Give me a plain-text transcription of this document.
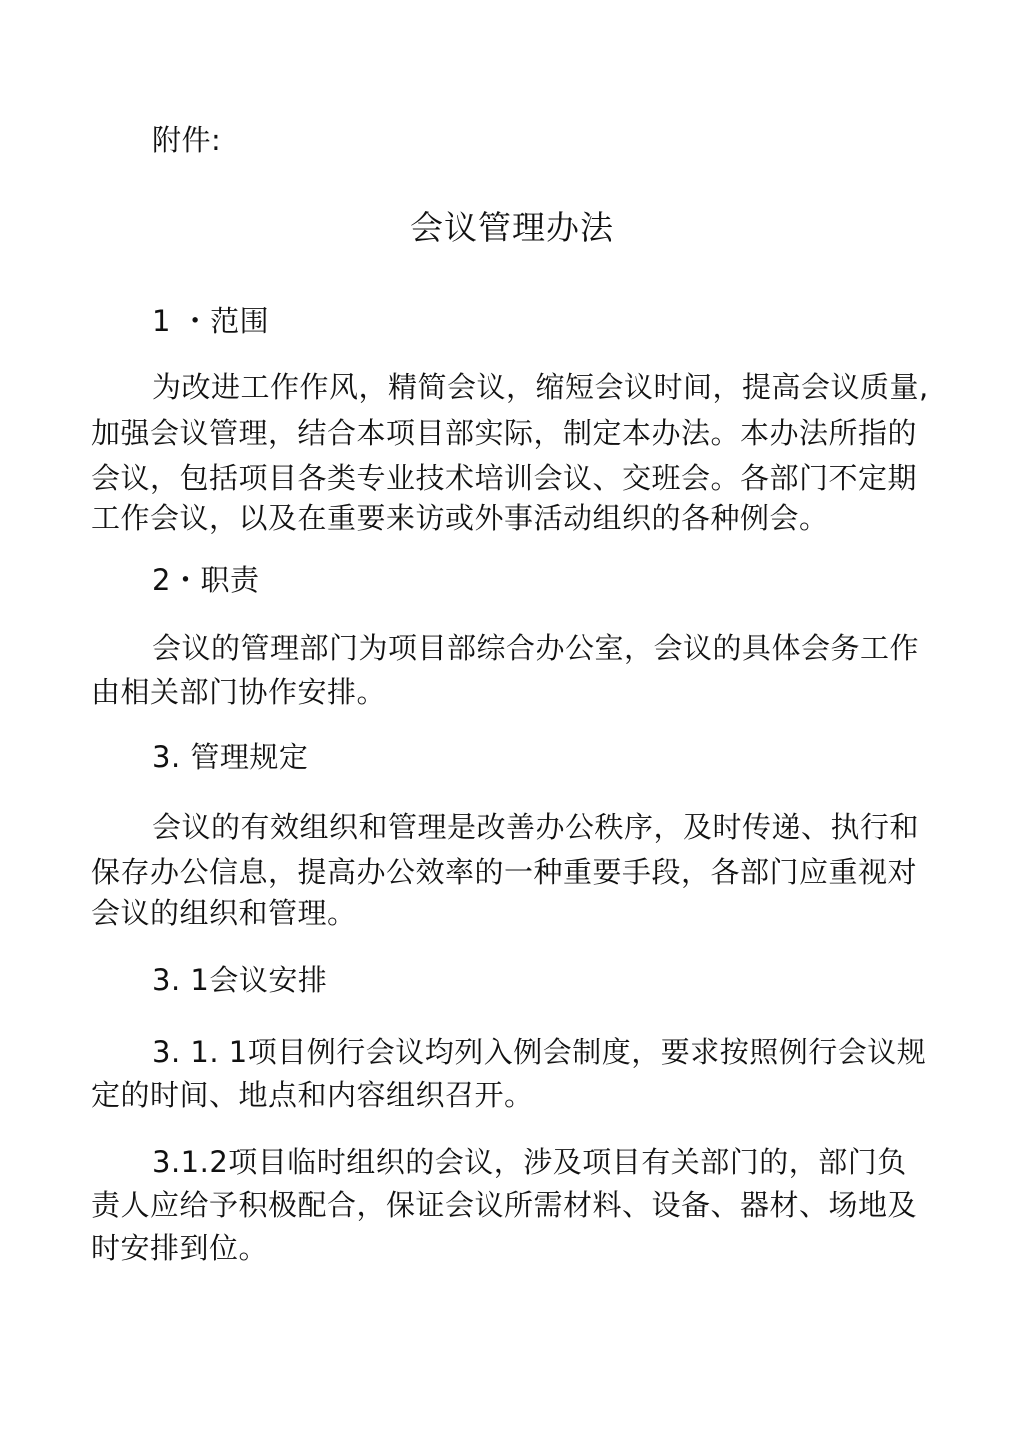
附件:
会议管理办法
1 ・范围
为改进工作作风，精简会议，缩短会议时间，提高会议质量,
加强会议管理，结合本项目部实际，制定本办法。本办法所指的
会议，包括项目各类专业技术培训会议、交班会。各部门不定期
工作会议，以及在重要来访或外事活动组织的各种例会。
2・职责
会议的管理部门为项目部综合办公室，会议的具体会务工作
由相关部门协作安排。
3. 管理规定
会议的有效组织和管理是改善办公秩序，及时传递、执行和
保存办公信息，提高办公效率的一种重要手段，各部门应重视对
会议的组织和管理。
3. 1会议安排
3. 1. 1项目例行会议均列入例会制度，要求按照例行会议规
定的时间、地点和内容组织召开。
3.1.2项目临时组织的会议，涉及项目有关部门的，部门负
责人应给予积极配合，保证会议所需材料、设备、器材、场地及
时安排到位。
